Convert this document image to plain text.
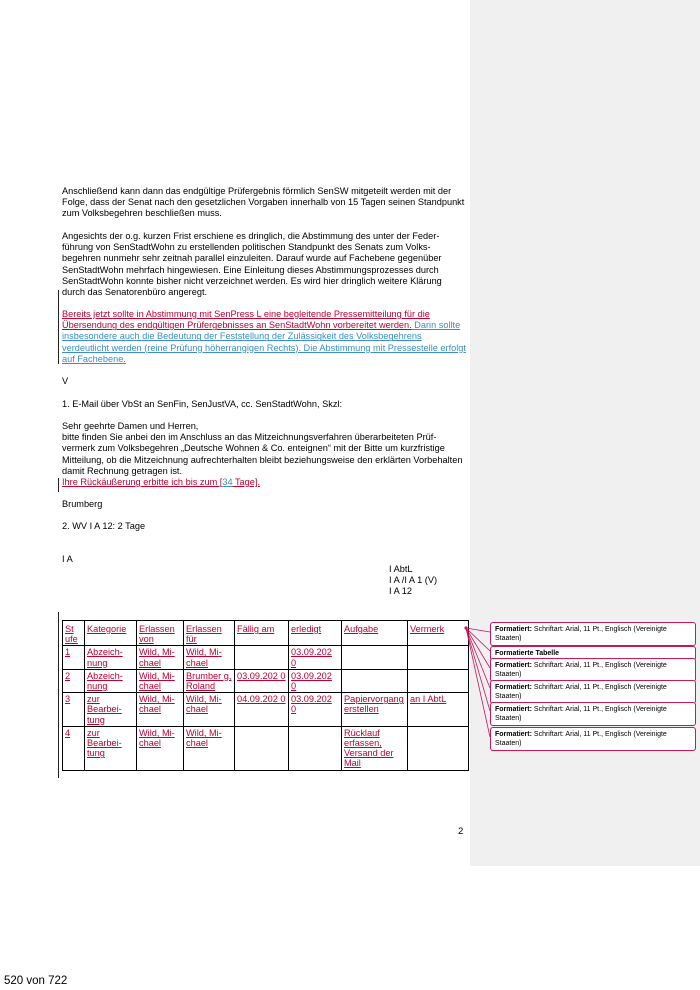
Anschließend kann dann das endgültige Prüfergebnis förmlich SenSW mitgeteilt werden mit der Folge, dass der Senat nach den gesetzlichen Vorgaben innerhalb von 15 Tagen seinen Standpunkt zum Volksbegehren beschließen muss.

Angesichts der o.g. kurzen Frist erschiene es dringlich, die Abstimmung des unter der Federführung von SenStadtWohn zu erstellenden politischen Standpunkt des Senats zum Volksbegehren nunmehr sehr zeitnah parallel einzuleiten. Darauf wurde auf Fachebene gegenüber SenStadtWohn mehrfach hingewiesen. Eine Einleitung dieses Abstimmungsprozesses durch SenStadtWohn konnte bisher nicht verzeichnet werden. Es wird hier dringlich weitere Klärung durch das Senatorenbüro angeregt.

Bereits jetzt sollte in Abstimmung mit SenPress L eine begleitende Pressemitteilung für die Übersendung des endgültigen Prüfergebnisses an SenStadtWohn vorbereitet werden. Darin sollte insbesondere auch die Bedeutung der Feststellung der Zulässigkeit des Volksbegehrens verdeutlicht werden (reine Prüfung höherrangigen Rechts). Die Abstimmung mit Pressestelle erfolgt auf Fachebene.

V

1. E-Mail über VbSt an SenFin, SenJustVA, cc. SenStadtWohn, Skzl:

Sehr geehrte Damen und Herren,

bitte finden Sie anbei den im Anschluss an das Mitzeichnungsverfahren überarbeiteten Prüfvermerk zum Volksbegehren „Deutsche Wohnen & Co. enteignen“ mit der Bitte um kurzfristige Mitteilung, ob die Mitzeichnung aufrechterhalten bleibt beziehungsweise den erklärten Vorbehalten damit Rechnung getragen ist.

Ihre Rückäußerung erbitte ich bis zum [34 Tage].

Brumberg

2. WV I A 12: 2 Tage

I A

I AbtL
I A /I A 1 (V)
I A 12
St ufe	Kategorie	Erlassen von	Erlassen für	Fällig am	erledigt	Aufgabe	Vermerk
1	Abzeichnung	Wild, Michael	Wild, Michael		03.09.202 0		
2	Abzeichnung	Wild, Michael	Brumber g, Roland	03.09.202 0	03.09.202 0		
3	zur Bearbeitung	Wild, Michael	Wild, Michael	04.09.202 0	03.09.202 0	Papiervorgang erstellen	an I AbtL
4	zur Bearbeitung	Wild, Michael	Wild, Michael			Rücklauf erfassen, Versand der Mail	
Formatiert: Schriftart: Arial, 11 Pt., Englisch (Vereinigte Staaten)
Formatierte Tabelle
Formatiert: Schriftart: Arial, 11 Pt., Englisch (Vereinigte Staaten)
Formatiert: Schriftart: Arial, 11 Pt., Englisch (Vereinigte Staaten)
Formatiert: Schriftart: Arial, 11 Pt., Englisch (Vereinigte Staaten)
Formatiert: Schriftart: Arial, 11 Pt., Englisch (Vereinigte Staaten)
2
520 von 722
